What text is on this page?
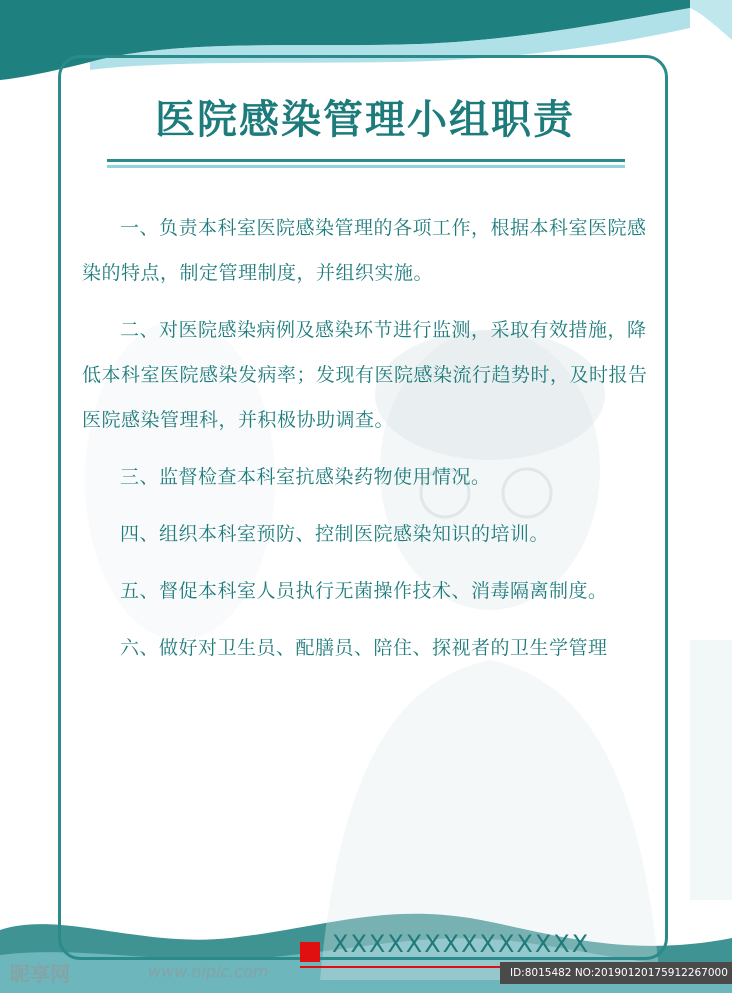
医院感染管理小组职责

一、负责本科室医院感染管理的各项工作，根据本科室医院感染的特点，制定管理制度，并组织实施。

二、对医院感染病例及感染环节进行监测，采取有效措施，降低本科室医院感染发病率；发现有医院感染流行趋势时，及时报告医院感染管理科，并积极协助调查。

三、监督检查本科室抗感染药物使用情况。

四、组织本科室预防、控制医院感染知识的培训。

五、督促本科室人员执行无菌操作技术、消毒隔离制度。

六、做好对卫生员、配膳员、陪住、探视者的卫生学管理

XXXXXXXXXXXXXX
昵享网	www.nipic.com	ID:8015482 NO:20190120175912267000
